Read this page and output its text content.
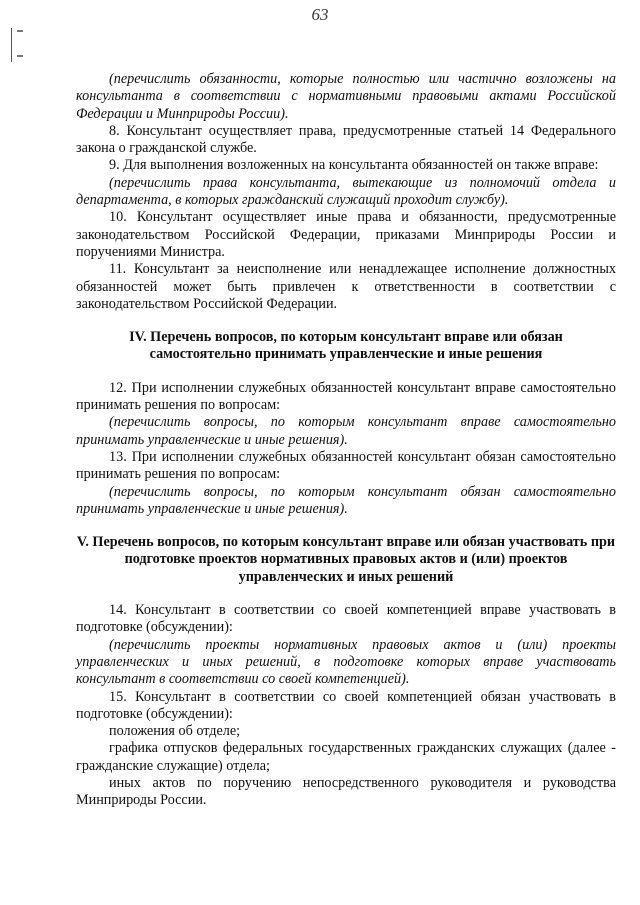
63

(перечислить обязанности, которые полностью или частично возложены на консультанта в соответствии с нормативными правовыми актами Российской Федерации и Минприроды России).

8. Консультант осуществляет права, предусмотренные статьей 14 Федерального закона о гражданской службе.

9. Для выполнения возложенных на консультанта обязанностей он также вправе:

(перечислить права консультанта, вытекающие из полномочий отдела и департамента, в которых гражданский служащий проходит службу).

10. Консультант осуществляет иные права и обязанности, предусмотренные законодательством Российской Федерации, приказами Минприроды России и поручениями Министра.

11. Консультант за неисполнение или ненадлежащее исполнение должностных обязанностей может быть привлечен к ответственности в соответствии с законодательством Российской Федерации.

IV. Перечень вопросов, по которым консультант вправе или обязан самостоятельно принимать управленческие и иные решения

12. При исполнении служебных обязанностей консультант вправе самостоятельно принимать решения по вопросам:

(перечислить вопросы, по которым консультант вправе самостоятельно принимать управленческие и иные решения).

13. При исполнении служебных обязанностей консультант обязан самостоятельно принимать решения по вопросам:

(перечислить вопросы, по которым консультант обязан самостоятельно принимать управленческие и иные решения).

V. Перечень вопросов, по которым консультант вправе или обязан участвовать при подготовке проектов нормативных правовых актов и (или) проектов управленческих и иных решений

14. Консультант в соответствии со своей компетенцией вправе участвовать в подготовке (обсуждении):

(перечислить проекты нормативных правовых актов и (или) проекты управленческих и иных решений, в подготовке которых вправе участвовать консультант в соответствии со своей компетенцией).

15. Консультант в соответствии со своей компетенцией обязан участвовать в подготовке (обсуждении):

положения об отделе;

графика отпусков федеральных государственных гражданских служащих (далее - гражданские служащие) отдела;

иных актов по поручению непосредственного руководителя и руководства Минприроды России.
